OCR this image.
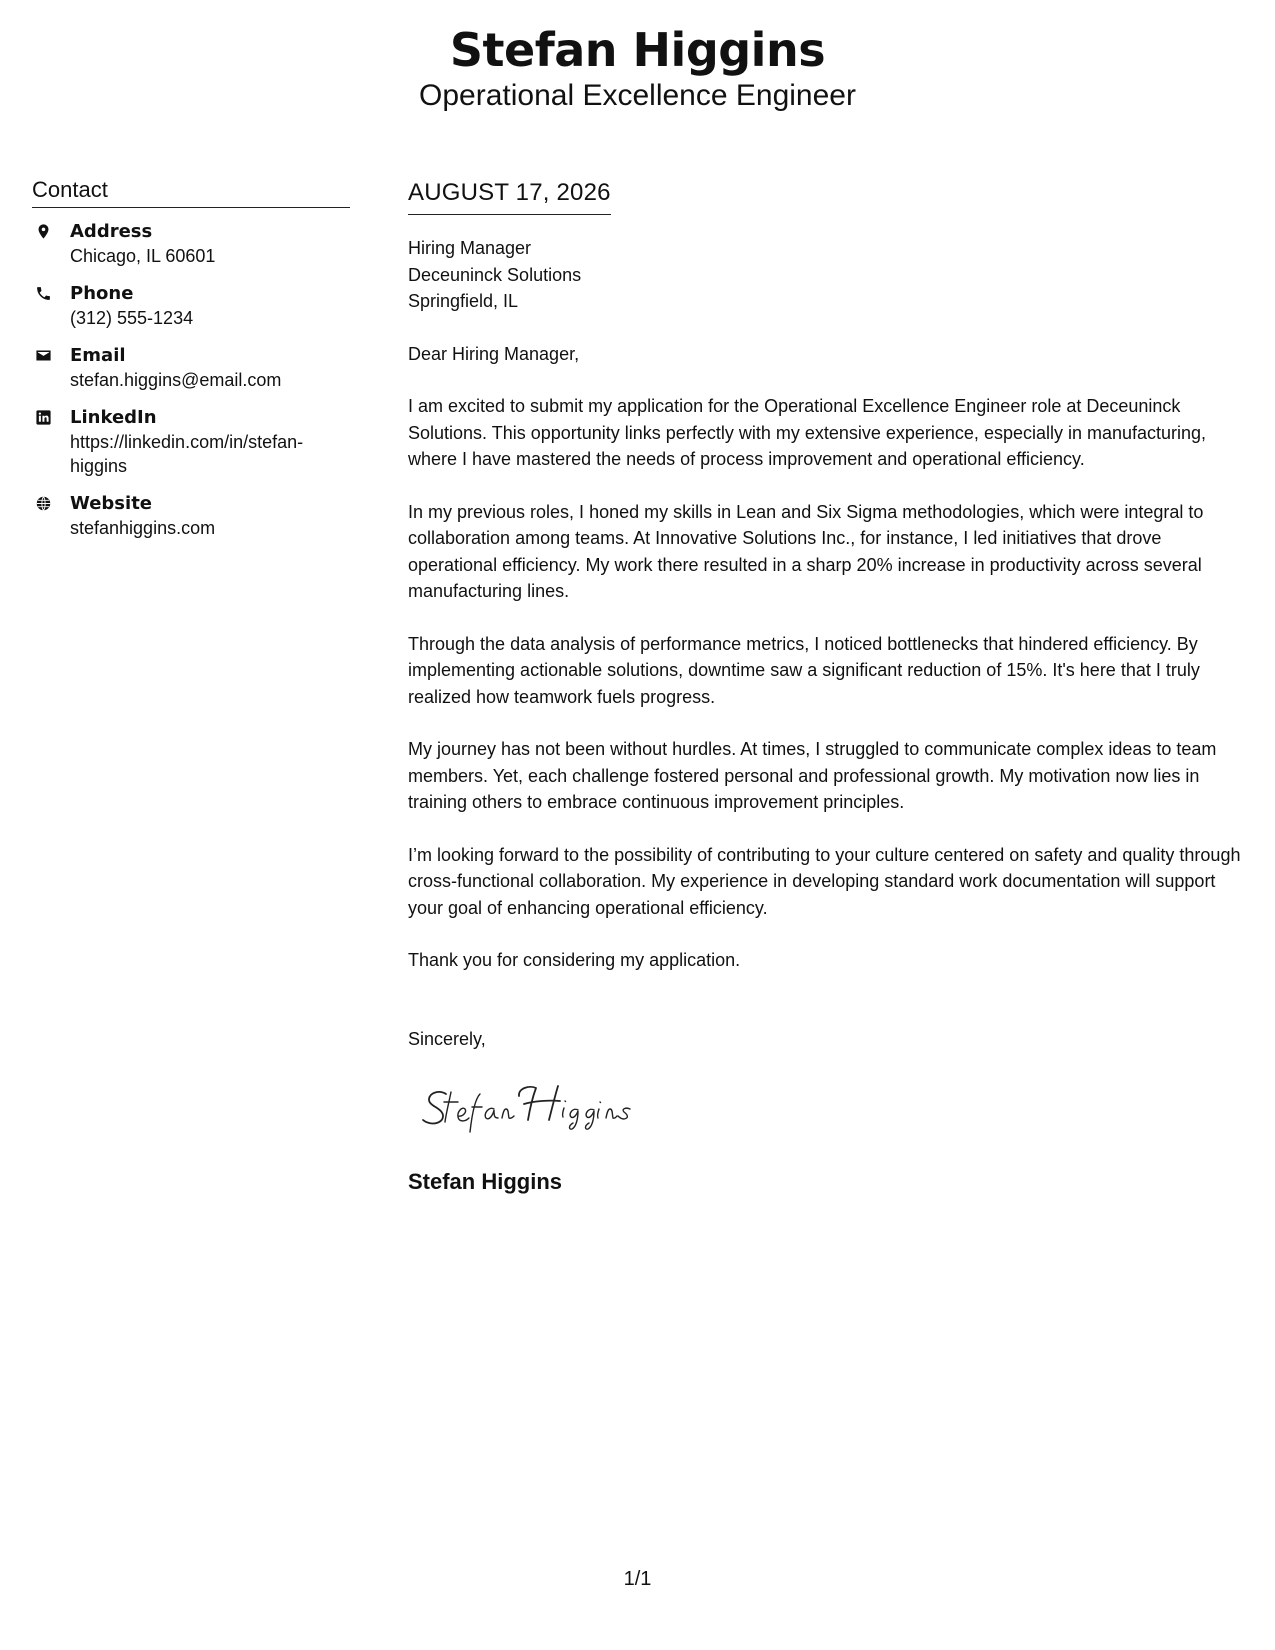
Stefan Higgins
Operational Excellence Engineer
Contact
Address
Chicago, IL 60601
Phone
(312) 555-1234
Email
stefan.higgins@email.com
LinkedIn
https://linkedin.com/in/stefan-higgins
Website
stefanhiggins.com
AUGUST 17, 2026
Hiring Manager
Deceuninck Solutions
Springfield, IL
Dear Hiring Manager,
I am excited to submit my application for the Operational Excellence Engineer role at Deceuninck Solutions. This opportunity links perfectly with my extensive experience, especially in manufacturing, where I have mastered the needs of process improvement and operational efficiency.
In my previous roles, I honed my skills in Lean and Six Sigma methodologies, which were integral to collaboration among teams. At Innovative Solutions Inc., for instance, I led initiatives that drove operational efficiency. My work there resulted in a sharp 20% increase in productivity across several manufacturing lines.
Through the data analysis of performance metrics, I noticed bottlenecks that hindered efficiency. By implementing actionable solutions, downtime saw a significant reduction of 15%. It's here that I truly realized how teamwork fuels progress.
My journey has not been without hurdles. At times, I struggled to communicate complex ideas to team members. Yet, each challenge fostered personal and professional growth. My motivation now lies in training others to embrace continuous improvement principles.
I’m looking forward to the possibility of contributing to your culture centered on safety and quality through cross-functional collaboration. My experience in developing standard work documentation will support your goal of enhancing operational efficiency.
Thank you for considering my application.
Sincerely,
Stefan Higgins
1/1
